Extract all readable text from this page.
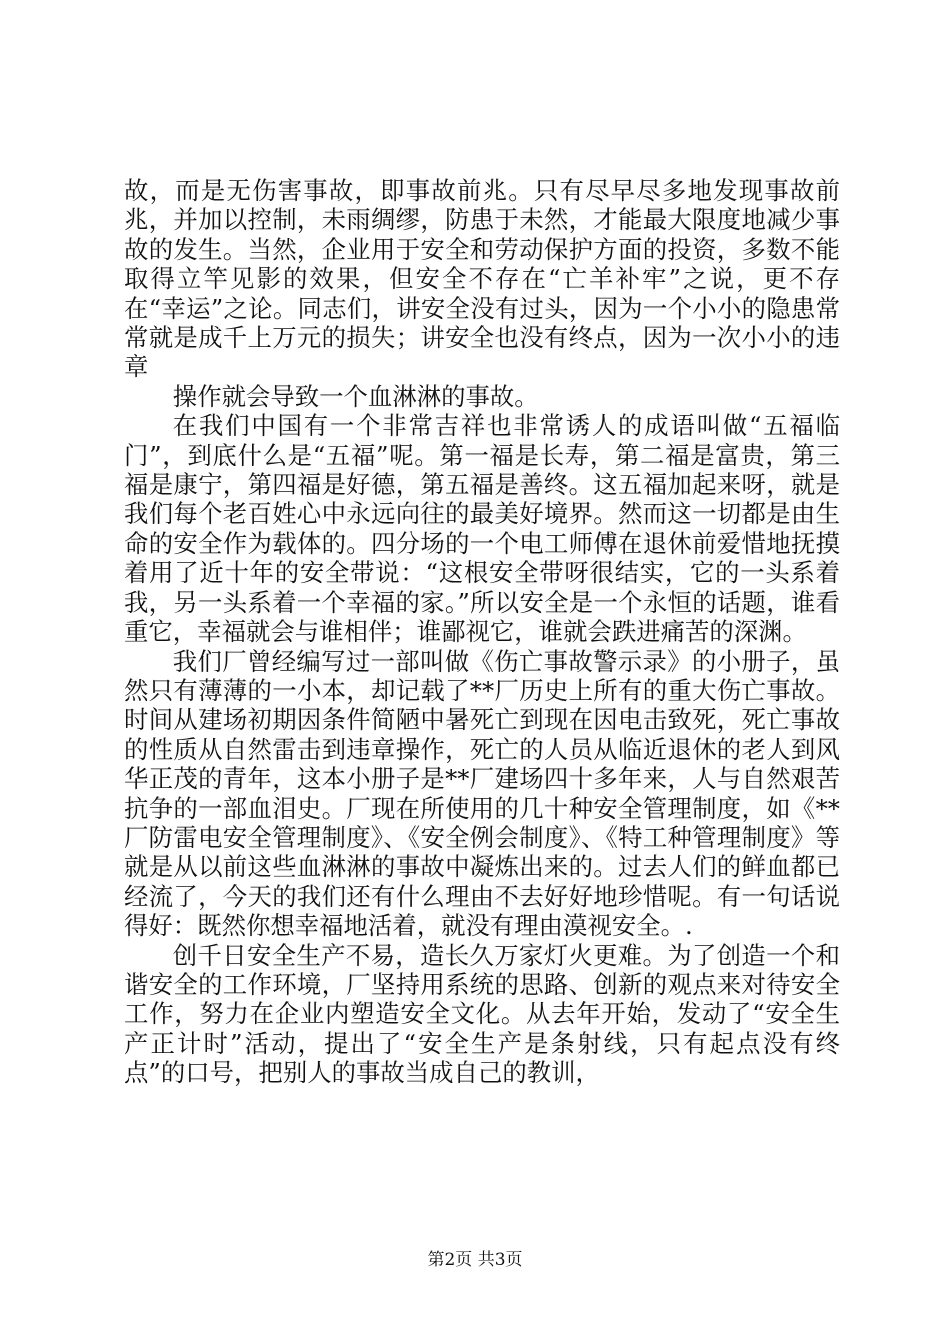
故，而是无伤害事故，即事故前兆。只有尽早尽多地发现事故前兆，并加以控制，未雨绸缪，防患于未然，才能最大限度地减少事故的发生。当然，企业用于安全和劳动保护方面的投资，多数不能取得立竿见影的效果，但安全不存在“亡羊补牢”之说，更不存在“幸运”之论。同志们，讲安全没有过头，因为一个小小的隐患常常就是成千上万元的损失；讲安全也没有终点，因为一次小小的违章

操作就会导致一个血淋淋的事故。

在我们中国有一个非常吉祥也非常诱人的成语叫做“五福临门”，到底什么是“五福”呢。第一福是长寿，第二福是富贵，第三福是康宁，第四福是好德，第五福是善终。这五福加起来呀，就是我们每个老百姓心中永远向往的最美好境界。然而这一切都是由生命的安全作为载体的。四分场的一个电工师傅在退休前爱惜地抚摸着用了近十年的安全带说：“这根安全带呀很结实，它的一头系着我，另一头系着一个幸福的家。”所以安全是一个永恒的话题，谁看重它，幸福就会与谁相伴；谁鄙视它，谁就会跌进痛苦的深渊。

我们厂曾经编写过一部叫做《伤亡事故警示录》的小册子，虽然只有薄薄的一小本，却记载了**厂历史上所有的重大伤亡事故。时间从建场初期因条件简陋中暑死亡到现在因电击致死，死亡事故的性质从自然雷击到违章操作，死亡的人员从临近退休的老人到风华正茂的青年，这本小册子是**厂建场四十多年来，人与自然艰苦抗争的一部血泪史。厂现在所使用的几十种安全管理制度，如《**厂防雷电安全管理制度》、《安全例会制度》、《特工种管理制度》等就是从以前这些血淋淋的事故中凝炼出来的。过去人们的鲜血都已经流了，今天的我们还有什么理由不去好好地珍惜呢。有一句话说得好：既然你想幸福地活着，就没有理由漠视安全。.

创千日安全生产不易，造长久万家灯火更难。为了创造一个和谐安全的工作环境，厂坚持用系统的思路、创新的观点来对待安全工作，努力在企业内塑造安全文化。从去年开始，发动了“安全生产正计时”活动，提出了“安全生产是条射线，只有起点没有终点”的口号，把别人的事故当成自己的教训，

第2页 共3页
